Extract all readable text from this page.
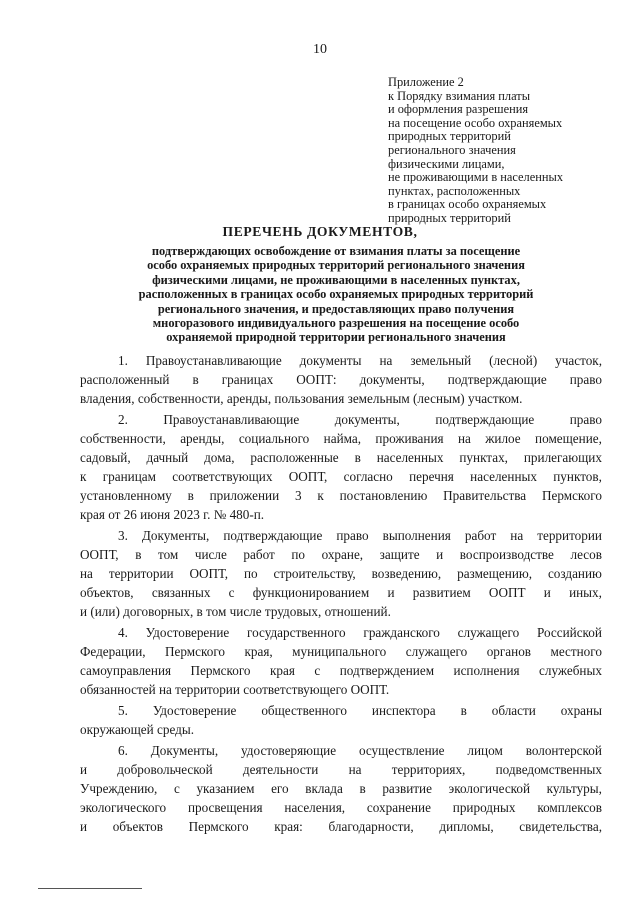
10
Приложение 2
к Порядку взимания платы
и оформления разрешения
на посещение особо охраняемых
природных территорий
регионального значения
физическими лицами,
не проживающими в населенных
пунктах, расположенных
в границах особо охраняемых
природных территорий
ПЕРЕЧЕНЬ ДОКУМЕНТОВ,
подтверждающих освобождение от взимания платы за посещение
особо охраняемых природных территорий регионального значения
физическими лицами, не проживающими в населенных пунктах,
расположенных в границах особо охраняемых природных территорий
регионального значения, и предоставляющих право получения
многоразового индивидуального разрешения на посещение особо
охраняемой природной территории регионального значения
1. Правоустанавливающие документы на земельный (лесной) участок,
расположенный в границах ООПТ: документы, подтверждающие право
владения, собственности, аренды, пользования земельным (лесным) участком.
2.	Правоустанавливающие	документы,	подтверждающие	право
собственности, аренды, социального найма, проживания на жилое помещение,
садовый, дачный дома, расположенные в населенных пунктах, прилегающих
к границам соответствующих ООПТ, согласно перечня населенных пунктов,
установленному в приложении 3 к постановлению Правительства Пермского
края от 26 июня 2023 г. № 480-п.
3. Документы, подтверждающие право выполнения работ на территории
ООПТ, в том числе работ по охране, защите и воспроизводстве лесов
на территории ООПТ, по строительству, возведению, размещению, созданию
объектов, связанных с функционированием и развитием ООПТ и иных,
и (или) договорных, в том числе трудовых, отношений.
4. Удостоверение государственного гражданского служащего Российской
Федерации, Пермского края, муниципального служащего органов местного
самоуправления Пермского края с подтверждением исполнения служебных
обязанностей на территории соответствующего ООПТ.
5. Удостоверение общественного инспектора в области охраны
окружающей среды.
6. Документы, удостоверяющие осуществление лицом волонтерской
и добровольческой деятельности на территориях, подведомственных
Учреждению, с указанием его вклада в развитие экологической культуры,
экологического просвещения населения, сохранение природных комплексов
и объектов Пермского края: благодарности, дипломы, свидетельства,
